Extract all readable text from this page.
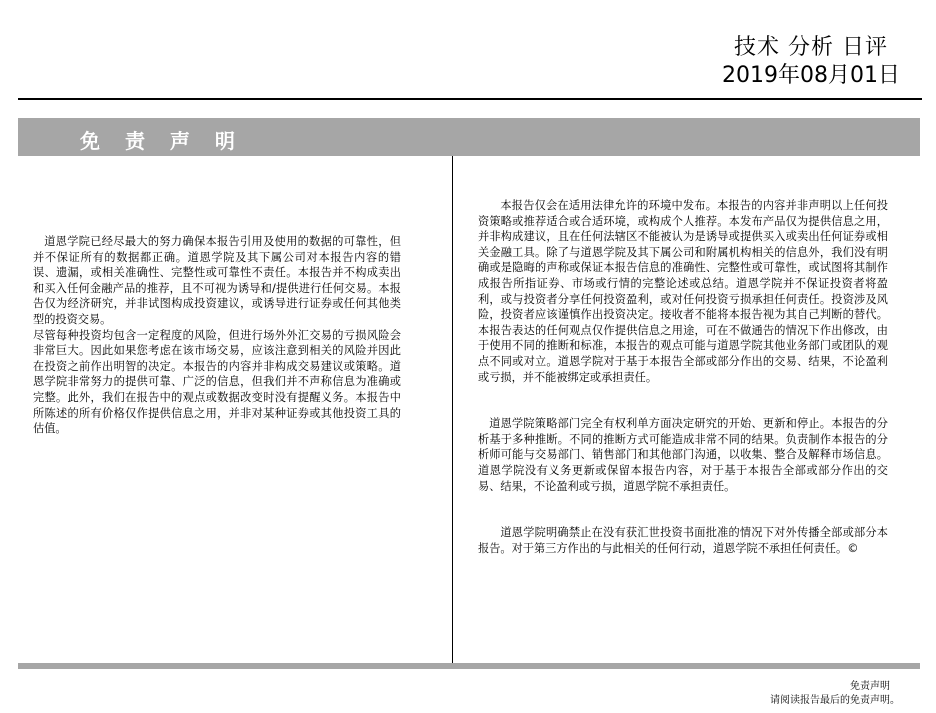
技术 分析 日评
2019年08月01日
免 责 声 明

道恩学院已经尽最大的努力确保本报告引用及使用的数据的可靠性，但并不保证所有的数据都正确。道恩学院及其下属公司对本报告内容的错误、遗漏，或相关准确性、完整性或可靠性不责任。本报告并不构成卖出和买入任何金融产品的推荐，且不可视为诱导和/提供进行任何交易。本报告仅为经济研究，并非试图构成投资建议，或诱导进行证券或任何其他类型的投资交易。

尽管每种投资均包含一定程度的风险，但进行场外外汇交易的亏损风险会非常巨大。因此如果您考虑在该市场交易，应该注意到相关的风险并因此在投资之前作出明智的决定。本报告的内容并非构成交易建议或策略。道恩学院非常努力的提供可靠、广泛的信息，但我们并不声称信息为准确或完整。此外，我们在报告中的观点或数据改变时没有提醒义务。本报告中所陈述的所有价格仅作提供信息之用，并非对某种证券或其他投资工具的估值。

本报告仅会在适用法律允许的环境中发布。本报告的内容并非声明以上任何投资策略或推荐适合或合适环境，或构成个人推荐。本发布产品仅为提供信息之用，并非构成建议，且在任何法辖区不能被认为是诱导或提供买入或卖出任何证券或相关金融工具。除了与道恩学院及其下属公司和附属机构相关的信息外，我们没有明确或是隐晦的声称或保证本报告信息的准确性、完整性或可靠性，或试图将其制作成报告所指证券、市场或行情的完整论述或总结。道恩学院并不保证投资者将盈利，或与投资者分享任何投资盈利，或对任何投资亏损承担任何责任。投资涉及风险，投资者应该谨慎作出投资决定。接收者不能将本报告视为其自己判断的替代。本报告表达的任何观点仅作提供信息之用途，可在不做通告的情况下作出修改，由于使用不同的推断和标准，本报告的观点可能与道恩学院其他业务部门或团队的观点不同或对立。道恩学院对于基于本报告全部或部分作出的交易、结果，不论盈利或亏损，并不能被绑定或承担责任。

道恩学院策略部门完全有权利单方面决定研究的开始、更新和停止。本报告的分析基于多种推断。不同的推断方式可能造成非常不同的结果。负责制作本报告的分析师可能与交易部门、销售部门和其他部门沟通，以收集、整合及解释市场信息。道恩学院没有义务更新或保留本报告内容，对于基于本报告全部或部分作出的交易、结果，不论盈利或亏损，道恩学院不承担责任。

道恩学院明确禁止在没有获汇世投资书面批准的情况下对外传播全部或部分本报告。对于第三方作出的与此相关的任何行动，道恩学院不承担任何责任。©

免责声明
请阅读报告最后的免责声明。
